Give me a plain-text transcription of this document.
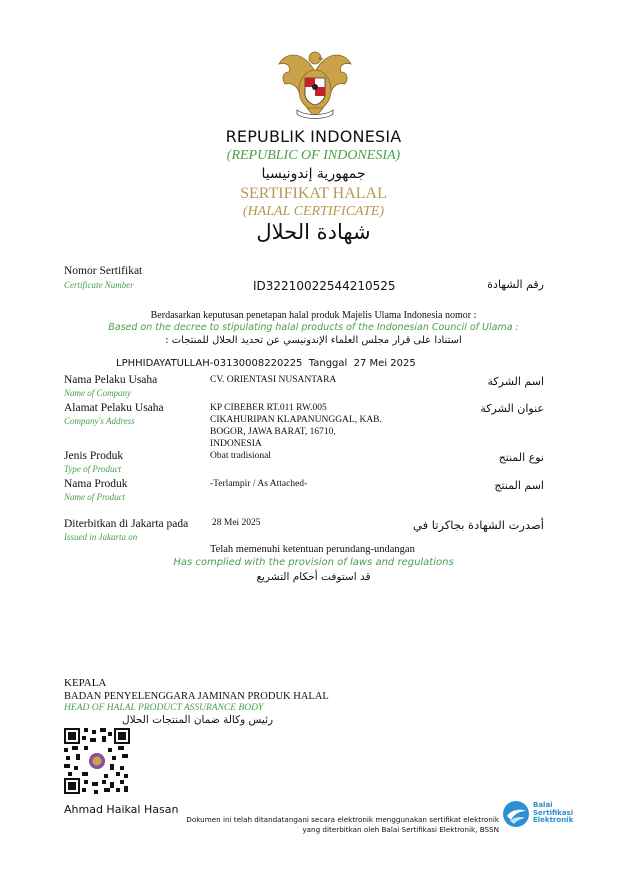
REPUBLIK INDONESIA
(REPUBLIC OF INDONESIA)
جمهورية إندونيسيا
SERTIFIKAT HALAL
(HALAL CERTIFICATE)
شهادة الحلال
Nomor Sertifikat
Certificate Number	ID32210022544210525	رقم الشهادة
Berdasarkan keputusan penetapan halal produk Majelis Ulama Indonesia nomor :
Based on the decree to stipulating halal products of the Indonesian Council of Ulama :
استنادا على قرار مجلس العلماء الإندونيسي عن تحديد الحلال للمنتجات :
LPHHIDAYATULLAH-03130008220225  Tanggal  27 Mei 2025
Nama Pelaku Usaha
Name of Company
CV. ORIENTASI NUSANTARA	اسم الشركة
Alamat Pelaku Usaha
Company's Address
KP CIBEBER RT.011 RW.005
CIKAHURIPAN KLAPANUNGGAL, KAB.
BOGOR, JAWA BARAT, 16710,
INDONESIA
عنوان الشركة
Jenis Produk
Type of Product
Obat tradisional	نوع المنتج
Nama Produk
Name of Product
-Terlampir / As Attached-	اسم المنتج
Diterbitkan di Jakarta pada
Issued in Jakarta on
28 Mei 2025	أصدرت الشهادة بجاكرتا في
Telah memenuhi ketentuan perundang-undangan
Has complied with the provision of laws and regulations
قد استوفت أحكام التشريع
KEPALA
BADAN PENYELENGGARA JAMINAN PRODUK HALAL
HEAD OF HALAL PRODUCT ASSURANCE BODY
رئيس وكالة ضمان المنتجات الحلال
Ahmad Haikal Hasan
Dokumen ini telah ditandatangani secara elektronik menggunakan sertifikat elektronik
yang diterbitkan oleh Balai Sertifikasi Elektronik, BSSN
Balai
Sertifikasi
Elektronik
